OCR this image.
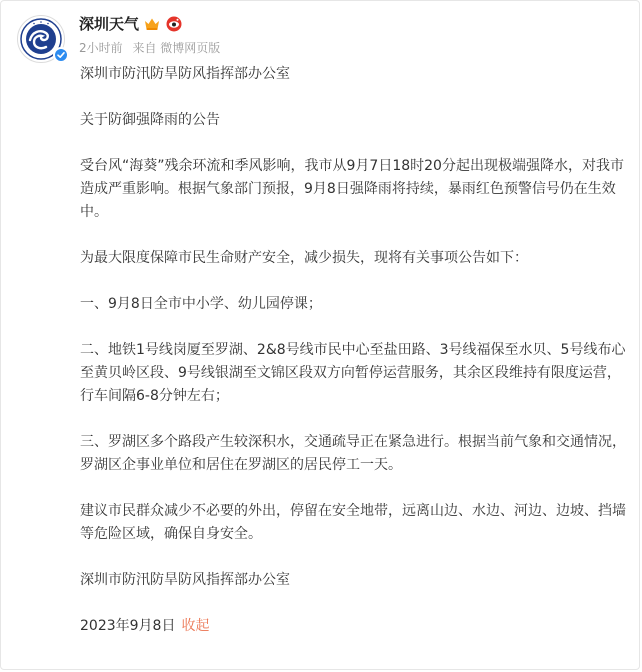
深圳天气
2小时前 来自 微博网页版

深圳市防汛防旱防风指挥部办公室

关于防御强降雨的公告

受台风“海葵”残余环流和季风影响，我市从9月7日18时20分起出现极端强降水，对我市造成严重影响。根据气象部门预报，9月8日强降雨将持续，暴雨红色预警信号仍在生效中。

为最大限度保障市民生命财产安全，减少损失，现将有关事项公告如下：

一、9月8日全市中小学、幼儿园停课；

二、地铁1号线岗厦至罗湖、2&8号线市民中心至盐田路、3号线福保至水贝、5号线布心至黄贝岭区段、9号线银湖至文锦区段双方向暂停运营服务，其余区段维持有限度运营，行车间隔6-8分钟左右；

三、罗湖区多个路段产生较深积水，交通疏导正在紧急进行。根据当前气象和交通情况，罗湖区企事业单位和居住在罗湖区的居民停工一天。

建议市民群众减少不必要的外出，停留在安全地带，远离山边、水边、河边、边坡、挡墙等危险区域，确保自身安全。

深圳市防汛防旱防风指挥部办公室

2023年9月8日 收起
